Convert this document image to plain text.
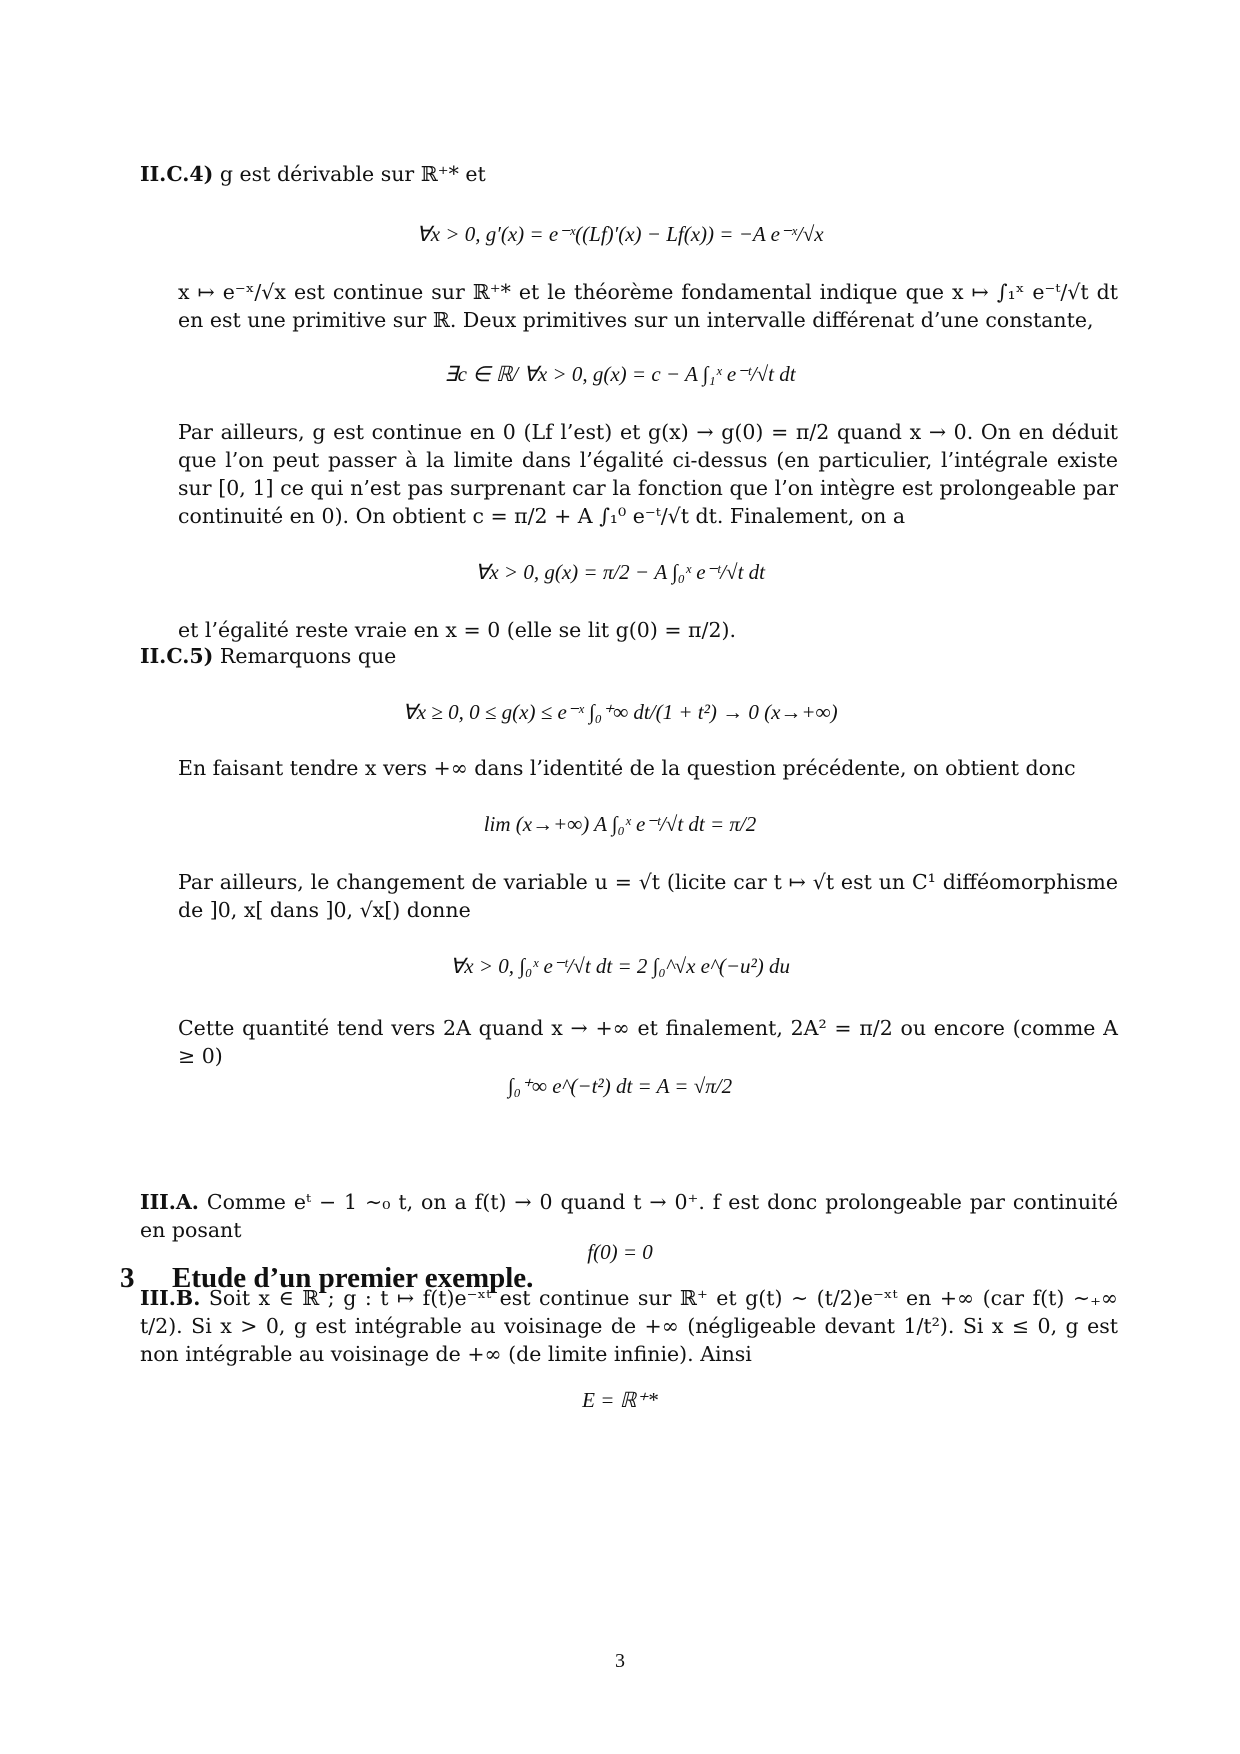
II.C.4) g est dérivable sur ℝ⁺* et

∀x > 0, g′(x) = e⁻ˣ((Lf)′(x) − Lf(x)) = −A e⁻ˣ/√x

x ↦ e⁻ˣ/√x est continue sur ℝ⁺* et le théorème fondamental indique que x ↦ ∫₁ˣ e⁻ᵗ/√t dt en est une primitive sur ℝ. Deux primitives sur un intervalle différenat d’une constante,

∃c ∈ ℝ/ ∀x > 0, g(x) = c − A ∫₁ˣ e⁻ᵗ/√t dt

Par ailleurs, g est continue en 0 (Lf l’est) et g(x) → g(0) = π/2 quand x → 0. On en déduit que l’on peut passer à la limite dans l’égalité ci-dessus (en particulier, l’intégrale existe sur [0, 1] ce qui n’est pas surprenant car la fonction que l’on intègre est prolongeable par continuité en 0). On obtient c = π/2 + A ∫₁⁰ e⁻ᵗ/√t dt. Finalement, on a

∀x > 0, g(x) = π/2 − A ∫₀ˣ e⁻ᵗ/√t dt

et l’égalité reste vraie en x = 0 (elle se lit g(0) = π/2).

II.C.5) Remarquons que

∀x ≥ 0, 0 ≤ g(x) ≤ e⁻ˣ ∫₀⁺∞ dt/(1 + t²) → 0 (x→+∞)

En faisant tendre x vers +∞ dans l’identité de la question précédente, on obtient donc

lim (x→+∞) A ∫₀ˣ e⁻ᵗ/√t dt = π/2

Par ailleurs, le changement de variable u = √t (licite car t ↦ √t est un C¹ difféomorphisme de ]0, x[ dans ]0, √x[) donne

∀x > 0, ∫₀ˣ e⁻ᵗ/√t dt = 2 ∫₀^√x e^(−u²) du

Cette quantité tend vers 2A quand x → +∞ et finalement, 2A² = π/2 ou encore (comme A ≥ 0)

∫₀⁺∞ e^(−t²) dt = A = √π/2
3 Etude d’un premier exemple.

III.A. Comme eᵗ − 1 ∼₀ t, on a f(t) → 0 quand t → 0⁺. f est donc prolongeable par continuité en posant

f(0) = 0

III.B. Soit x ∈ ℝ ; g : t ↦ f(t)e⁻ˣᵗ est continue sur ℝ⁺ et g(t) ∼ (t/2)e⁻ˣᵗ en +∞ (car f(t) ∼₊∞ t/2). Si x > 0, g est intégrable au voisinage de +∞ (négligeable devant 1/t²). Si x ≤ 0, g est non intégrable au voisinage de +∞ (de limite infinie). Ainsi

E = ℝ⁺*
3
